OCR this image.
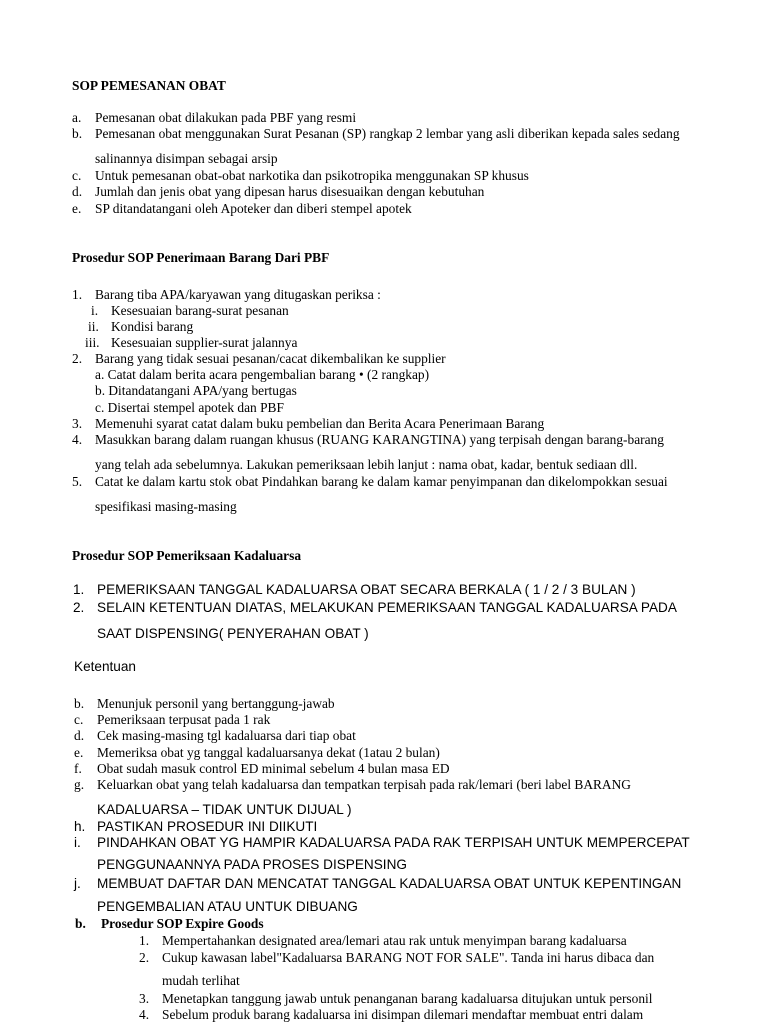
SOP PEMESANAN OBAT
a. Pemesanan obat dilakukan pada PBF yang resmi
b. Pemesanan obat menggunakan Surat Pesanan (SP) rangkap 2 lembar yang asli diberikan kepada sales sedang
salinannya disimpan sebagai arsip
c. Untuk pemesanan obat-obat narkotika dan psikotropika menggunakan SP khusus
d. Jumlah dan jenis obat yang dipesan harus disesuaikan dengan kebutuhan
e. SP ditandatangani oleh Apoteker dan diberi stempel apotek
Prosedur SOP Penerimaan Barang Dari PBF
1. Barang tiba APA/karyawan yang ditugaskan periksa :
i. Kesesuaian barang-surat pesanan
ii. Kondisi barang
iii. Kesesuaian supplier-surat jalannya
2. Barang yang tidak sesuai pesanan/cacat dikembalikan ke supplier
a. Catat dalam berita acara pengembalian barang • (2 rangkap)
b. Ditandatangani APA/yang bertugas
c. Disertai stempel apotek dan PBF
3. Memenuhi syarat catat dalam buku pembelian dan Berita Acara Penerimaan Barang
4. Masukkan barang dalam ruangan khusus (RUANG KARANGTINA) yang terpisah dengan barang-barang
yang telah ada sebelumnya. Lakukan pemeriksaan lebih lanjut : nama obat, kadar, bentuk sediaan dll.
5. Catat ke dalam kartu stok obat Pindahkan barang ke dalam kamar penyimpanan dan dikelompokkan sesuai
spesifikasi masing-masing
Prosedur SOP Pemeriksaan Kadaluarsa
1. PEMERIKSAAN TANGGAL KADALUARSA OBAT SECARA BERKALA ( 1 / 2 / 3 BULAN )
2. SELAIN KETENTUAN DIATAS, MELAKUKAN PEMERIKSAAN TANGGAL KADALUARSA PADA
SAAT DISPENSING( PENYERAHAN OBAT )
Ketentuan
b. Menunjuk personil yang bertanggung-jawab
c. Pemeriksaan terpusat pada 1 rak
d. Cek masing-masing tgl kadaluarsa dari tiap obat
e. Memeriksa obat yg tanggal kadaluarsanya dekat (1atau 2 bulan)
f. Obat sudah masuk control ED minimal sebelum 4 bulan masa ED
g. Keluarkan obat yang telah kadaluarsa dan tempatkan terpisah pada rak/lemari (beri label BARANG
KADALUARSA – TIDAK UNTUK DIJUAL )
h. PASTIKAN PROSEDUR INI DIIKUTI
i. PINDAHKAN OBAT YG HAMPIR KADALUARSA PADA RAK TERPISAH UNTUK MEMPERCEPAT
PENGGUNAANNYA PADA PROSES DISPENSING
j. MEMBUAT DAFTAR DAN MENCATAT TANGGAL KADALUARSA OBAT UNTUK KEPENTINGAN
PENGEMBALIAN ATAU UNTUK DIBUANG
b. Prosedur SOP Expire Goods
1. Mempertahankan designated area/lemari atau rak untuk menyimpan barang kadaluarsa
2. Cukup kawasan label"Kadaluarsa BARANG NOT FOR SALE". Tanda ini harus dibaca dan
mudah terlihat
3. Menetapkan tanggung jawab untuk penanganan barang kadaluarsa ditujukan untuk personil
4. Sebelum produk barang kadaluarsa ini disimpan dilemari mendaftar membuat entri dalam
